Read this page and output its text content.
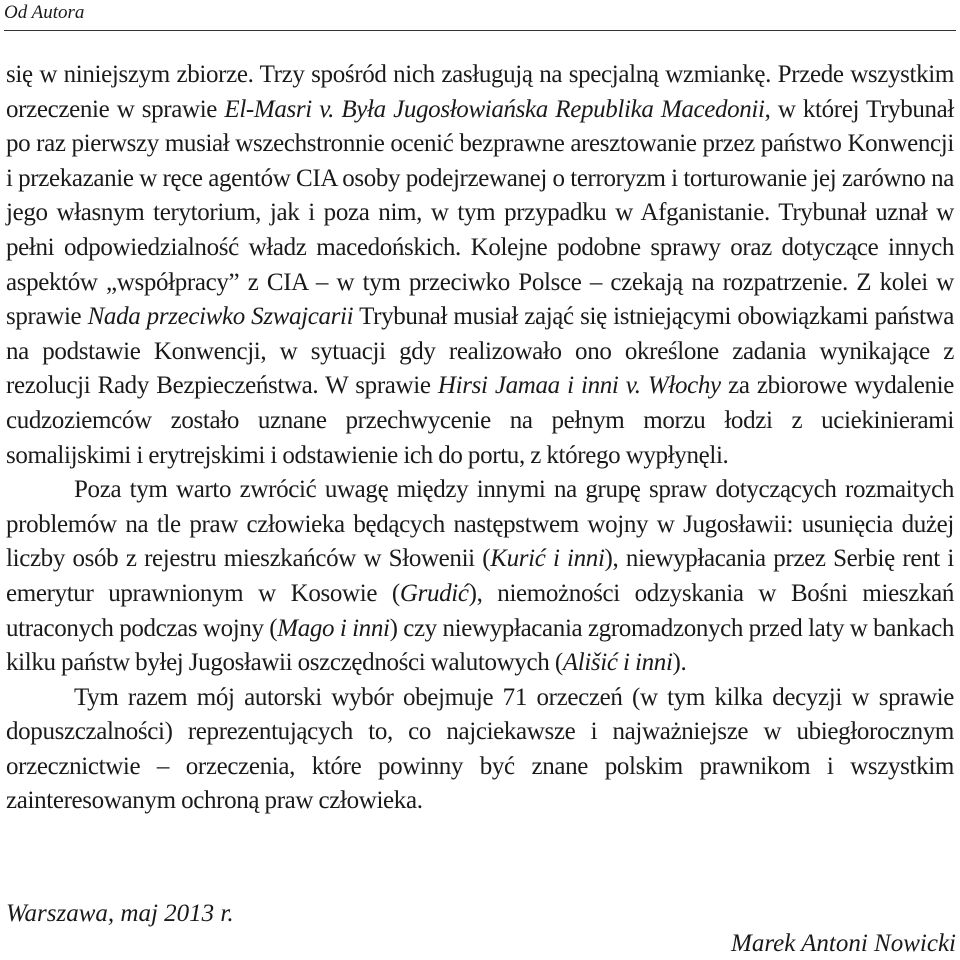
Od Autora

się w niniejszym zbiorze. Trzy spośród nich zasługują na specjalną wzmiankę. Przede wszystkim orzeczenie w sprawie El-Masri v. Była Jugosłowiańska Republika Macedonii, w której Trybunał po raz pierwszy musiał wszechstronnie ocenić bezprawne aresztowanie przez państwo Konwencji i przekazanie w ręce agentów CIA osoby podejrzewanej o terroryzm i torturowanie jej zarówno na jego własnym terytorium, jak i poza nim, w tym przypadku w Afganistanie. Trybunał uznał w pełni odpowiedzialność władz macedońskich. Kolejne podobne sprawy oraz dotyczące innych aspektów „współpracy” z CIA – w tym przeciwko Polsce – czekają na rozpatrzenie. Z kolei w sprawie Nada przeciwko Szwajcarii Trybunał musiał zająć się istniejącymi obowiązkami państwa na podstawie Konwencji, w sytuacji gdy realizowało ono określone zadania wynikające z rezolucji Rady Bezpieczeństwa. W sprawie Hirsi Jamaa i inni v. Włochy za zbiorowe wydalenie cudzoziemców zostało uznane przechwycenie na pełnym morzu łodzi z uciekinierami somalijskimi i erytrejskimi i odstawienie ich do portu, z którego wypłynęli.

Poza tym warto zwrócić uwagę między innymi na grupę spraw dotyczących rozmaitych problemów na tle praw człowieka będących następstwem wojny w Jugosławii: usunięcia dużej liczby osób z rejestru mieszkańców w Słowenii (Kurić i inni), niewypłacania przez Serbię rent i emerytur uprawnionym w Kosowie (Grudić), niemożności odzyskania w Bośni mieszkań utraconych podczas wojny (Mago i inni) czy niewypłacania zgromadzonych przed laty w bankach kilku państw byłej Jugosławii oszczędności walutowych (Ališić i inni).

Tym razem mój autorski wybór obejmuje 71 orzeczeń (w tym kilka decyzji w sprawie dopuszczalności) reprezentujących to, co najciekawsze i najważniejsze w ubiegłorocznym orzecznictwie – orzeczenia, które powinny być znane polskim prawnikom i wszystkim zainteresowanym ochroną praw człowieka.

Warszawa, maj 2013 r.
Marek Antoni Nowicki
